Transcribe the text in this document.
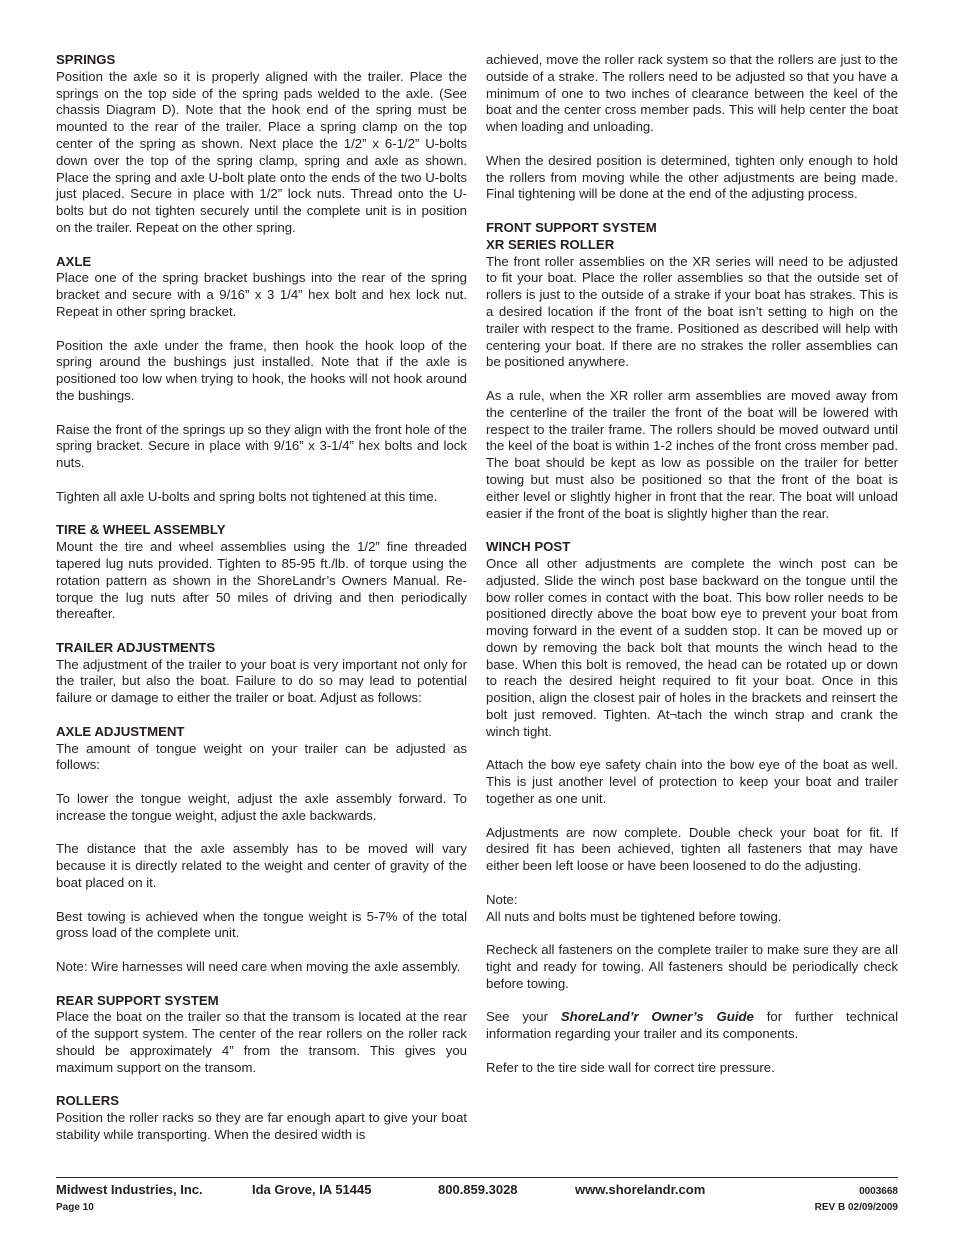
SPRINGS

Position the axle so it is properly aligned with the trailer. Place the springs on the top side of the spring pads welded to the axle. (See chassis Diagram D). Note that the hook end of the spring must be mounted to the rear of the trailer. Place a spring clamp on the top center of the spring as shown. Next place the 1/2” x 6-1/2” U-bolts down over the top of the spring clamp, spring and axle as shown. Place the spring and axle U-bolt plate onto the ends of the two U-bolts just placed. Secure in place with 1/2” lock nuts. Thread onto the U-bolts but do not tighten securely until the complete unit is in position on the trailer. Repeat on the other spring.

AXLE

Place one of the spring bracket bushings into the rear of the spring bracket and secure with a 9/16” x 3 1/4” hex bolt and hex lock nut. Repeat in other spring bracket.

Position the axle under the frame, then hook the hook loop of the spring around the bushings just installed. Note that if the axle is positioned too low when trying to hook, the hooks will not hook around the bushings.

Raise the front of the springs up so they align with the front hole of the spring bracket. Secure in place with 9/16” x 3-1/4” hex bolts and lock nuts.

Tighten all axle U-bolts and spring bolts not tightened at this time.

TIRE & WHEEL ASSEMBLY

Mount the tire and wheel assemblies using the 1/2” fine threaded tapered lug nuts provided. Tighten to 85-95 ft./lb. of torque using the rotation pattern as shown in the ShoreLandr’s Owners Manual. Re-torque the lug nuts after 50 miles of driving and then periodically thereafter.

TRAILER ADJUSTMENTS

The adjustment of the trailer to your boat is very important not only for the trailer, but also the boat. Failure to do so may lead to potential failure or damage to either the trailer or boat. Adjust as follows:

AXLE ADJUSTMENT

The amount of tongue weight on your trailer can be adjusted as follows:

To lower the tongue weight, adjust the axle assembly forward. To increase the tongue weight, adjust the axle backwards.

The distance that the axle assembly has to be moved will vary because it is directly related to the weight and center of gravity of the boat placed on it.

Best towing is achieved when the tongue weight is 5-7% of the total gross load of the complete unit.

Note: Wire harnesses will need care when moving the axle assembly.

REAR SUPPORT SYSTEM

Place the boat on the trailer so that the transom is located at the rear of the support system. The center of the rear rollers on the roller rack should be approximately 4” from the transom. This gives you maximum support on the transom.

ROLLERS

Position the roller racks so they are far enough apart to give your boat stability while transporting. When the desired width is

achieved, move the roller rack system so that the rollers are just to the outside of a strake. The rollers need to be adjusted so that you have a minimum of one to two inches of clearance between the keel of the boat and the center cross member pads. This will help center the boat when loading and unloading.

When the desired position is determined, tighten only enough to hold the rollers from moving while the other adjustments are being made. Final tightening will be done at the end of the adjusting process.

FRONT SUPPORT SYSTEM

XR SERIES ROLLER

The front roller assemblies on the XR series will need to be adjusted to fit your boat. Place the roller assemblies so that the outside set of rollers is just to the outside of a strake if your boat has strakes. This is a desired location if the front of the boat isn’t setting to high on the trailer with respect to the frame. Positioned as described will help with centering your boat. If there are no strakes the roller assemblies can be positioned anywhere.

As a rule, when the XR roller arm assemblies are moved away from the centerline of the trailer the front of the boat will be lowered with respect to the trailer frame. The rollers should be moved outward until the keel of the boat is within 1-2 inches of the front cross member pad. The boat should be kept as low as possible on the trailer for better towing but must also be positioned so that the front of the boat is either level or slightly higher in front that the rear. The boat will unload easier if the front of the boat is slightly higher than the rear.

WINCH POST

Once all other adjustments are complete the winch post can be adjusted. Slide the winch post base backward on the tongue until the bow roller comes in contact with the boat. This bow roller needs to be positioned directly above the boat bow eye to prevent your boat from moving forward in the event of a sudden stop. It can be moved up or down by removing the back bolt that mounts the winch head to the base. When this bolt is removed, the head can be rotated up or down to reach the desired height required to fit your boat. Once in this position, align the closest pair of holes in the brackets and reinsert the bolt just removed. Tighten. At¬tach the winch strap and crank the winch tight.

Attach the bow eye safety chain into the bow eye of the boat as well. This is just another level of protection to keep your boat and trailer together as one unit.

Adjustments are now complete. Double check your boat for fit. If desired fit has been achieved, tighten all fasteners that may have either been left loose or have been loosened to do the adjusting.

Note:

All nuts and bolts must be tightened before towing.

Recheck all fasteners on the complete trailer to make sure they are all tight and ready for towing. All fasteners should be periodically check before towing.

See your ShoreLand’r Owner’s Guide for further technical information regarding your trailer and its components.

Refer to the tire side wall for correct tire pressure.

Midwest Industries, Inc.	Ida Grove, IA 51445	800.859.3028	www.shorelandr.com	0003668
Page 10	REV B 02/09/2009
